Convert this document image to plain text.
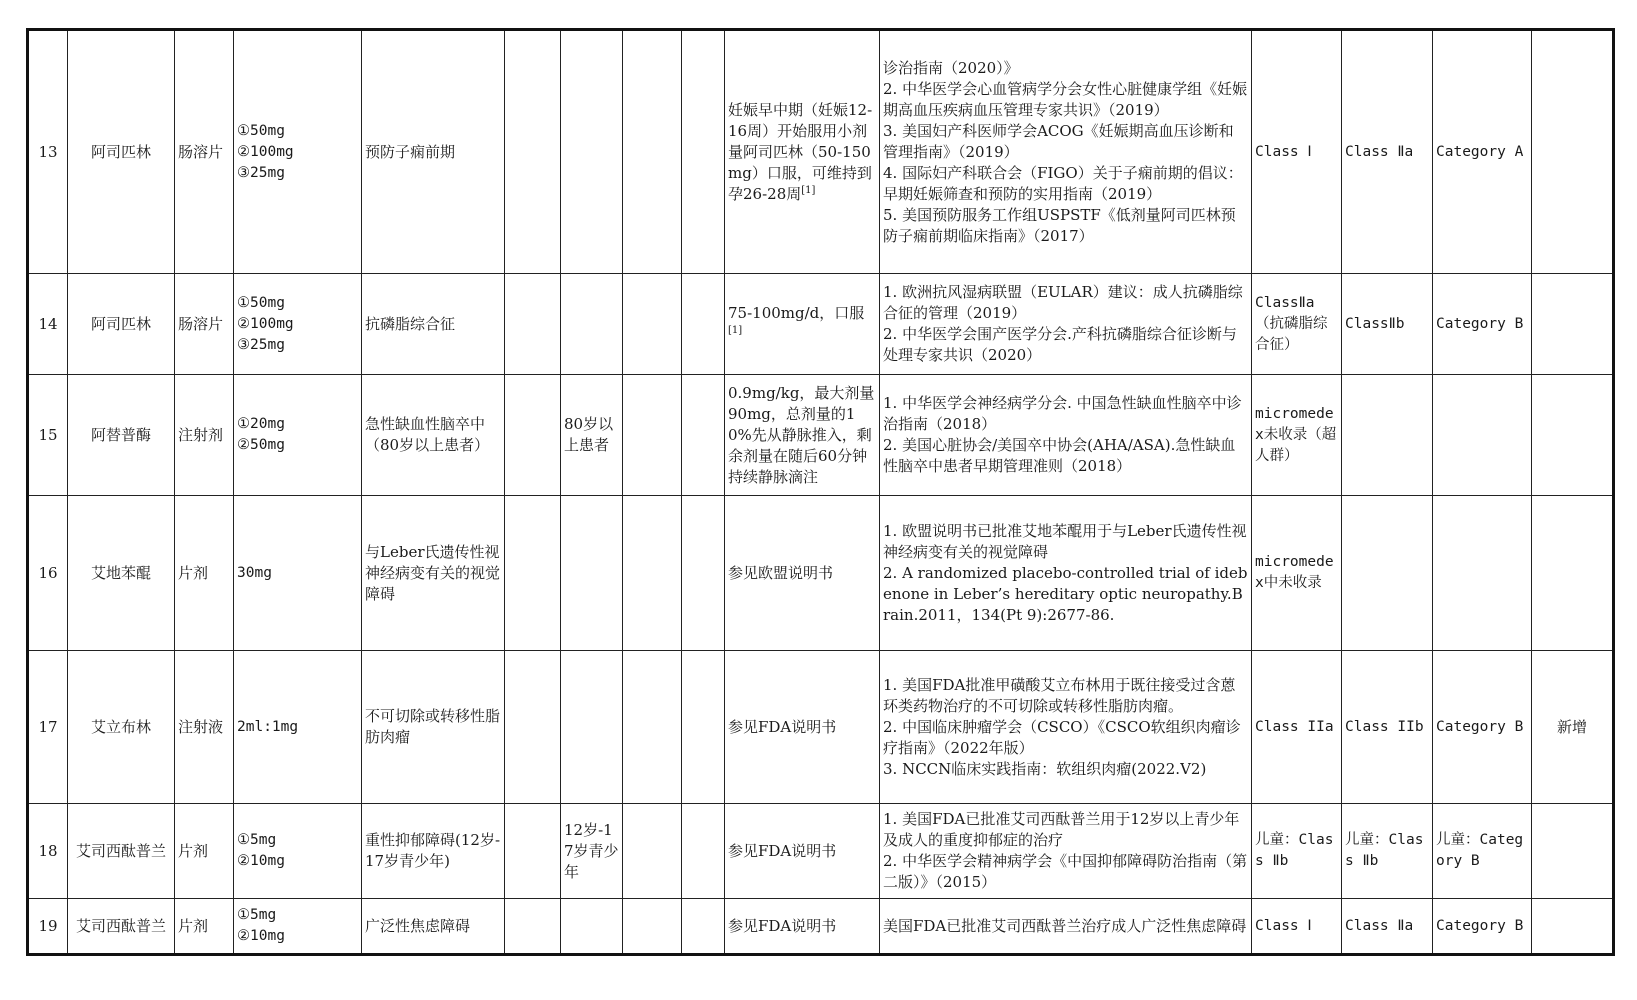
13	阿司匹林	肠溶片	①50mg
②100mg
③25mg	预防子痫前期					妊娠早中期（妊娠12-16周）开始服用小剂量阿司匹林（50-150mg）口服，可维持到孕26-28周[1]	诊治指南（2020）》
2. 中华医学会心血管病学分会女性心脏健康学组《妊娠期高血压疾病血压管理专家共识》（2019）
3. 美国妇产科医师学会ACOG《妊娠期高血压诊断和管理指南》（2019）
4. 国际妇产科联合会（FIGO）关于子痫前期的倡议：早期妊娠筛查和预防的实用指南（2019）
5. 美国预防服务工作组USPSTF《低剂量阿司匹林预防子痫前期临床指南》（2017）	Class Ⅰ	Class Ⅱa	Category A	

14	阿司匹林	肠溶片	①50mg
②100mg
③25mg	抗磷脂综合征					75-100mg/d，口服[1]	1. 欧洲抗风湿病联盟（EULAR）建议：成人抗磷脂综合征的管理（2019）
2. 中华医学会围产医学分会.产科抗磷脂综合征诊断与处理专家共识（2020）	ClassⅡa（抗磷脂综合征）	ClassⅡb	Category B	

15	阿替普酶	注射剂	①20mg
②50mg	急性缺血性脑卒中（80岁以上患者）		80岁以上患者			0.9mg/kg，最大剂量90mg，总剂量的10%先从静脉推入，剩余剂量在随后60分钟持续静脉滴注	1. 中华医学会神经病学分会. 中国急性缺血性脑卒中诊治指南（2018）
2. 美国心脏协会/美国卒中协会(AHA/ASA).急性缺血性脑卒中患者早期管理准则（2018）	micromedex未收录（超人群）			

16	艾地苯醌	片剂	30mg	与Leber氏遗传性视神经病变有关的视觉障碍					参见欧盟说明书	1. 欧盟说明书已批准艾地苯醌用于与Leber氏遗传性视神经病变有关的视觉障碍
2. A randomized placebo-controlled trial of idebenone in Leber’s hereditary optic neuropathy.Brain.2011，134(Pt 9):2677-86.	micromedex中未收录			

17	艾立布林	注射液	2ml:1mg	不可切除或转移性脂肪肉瘤					参见FDA说明书	1. 美国FDA批准甲磺酸艾立布林用于既往接受过含蒽环类药物治疗的不可切除或转移性脂肪肉瘤。
2. 中国临床肿瘤学会（CSCO）《CSCO软组织肉瘤诊疗指南》（2022年版）
3. NCCN临床实践指南：软组织肉瘤(2022.V2)	Class IIa	Class IIb	Category B	新增

18	艾司西酞普兰	片剂	①5mg
②10mg	重性抑郁障碍(12岁-17岁青少年)		12岁-17岁青少年			参见FDA说明书	1. 美国FDA已批准艾司西酞普兰用于12岁以上青少年及成人的重度抑郁症的治疗
2. 中华医学会精神病学会《中国抑郁障碍防治指南（第二版）》（2015）	儿童：Class Ⅱb	儿童：Class Ⅱb	儿童：Category B	

19	艾司西酞普兰	片剂	①5mg
②10mg	广泛性焦虑障碍					参见FDA说明书	美国FDA已批准艾司西酞普兰治疗成人广泛性焦虑障碍	Class Ⅰ	Class Ⅱa	Category B	
